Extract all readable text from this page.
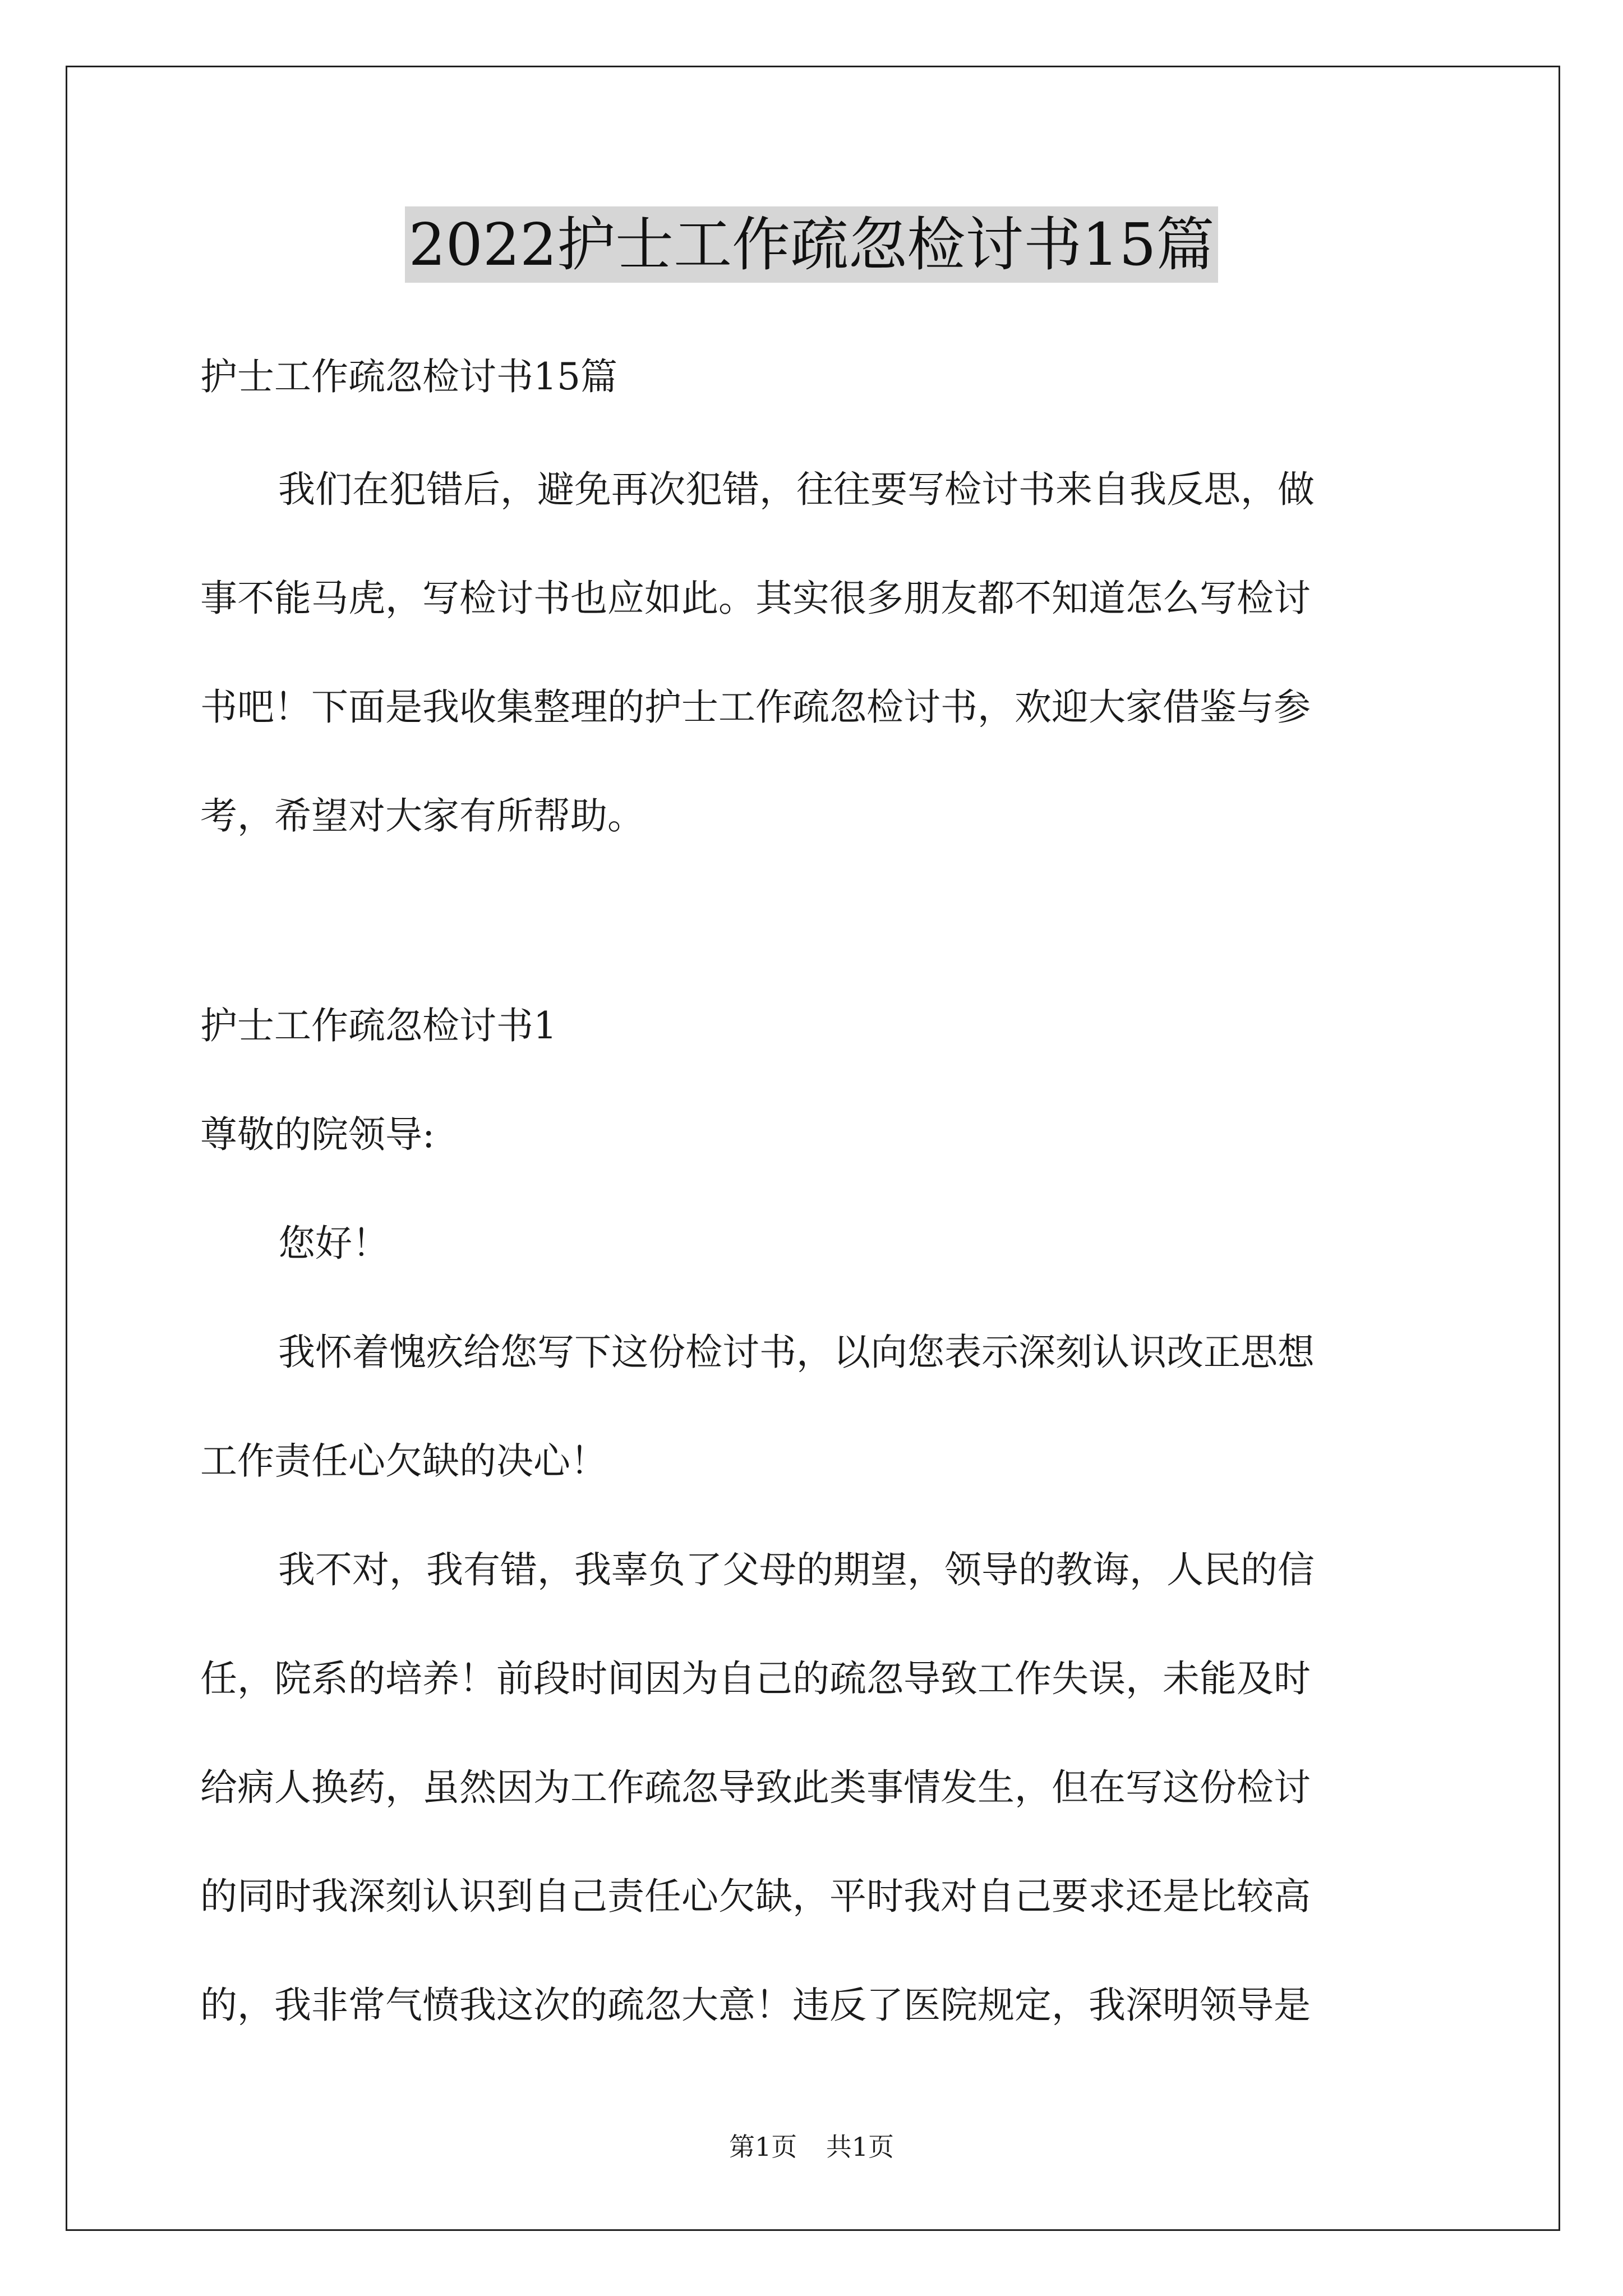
2022护士工作疏忽检讨书15篇

护士工作疏忽检讨书15篇

我们在犯错后，避免再次犯错，往往要写检讨书来自我反思，做

事不能马虎，写检讨书也应如此。其实很多朋友都不知道怎么写检讨

书吧！下面是我收集整理的护士工作疏忽检讨书，欢迎大家借鉴与参

考，希望对大家有所帮助。

护士工作疏忽检讨书1

尊敬的院领导:

您好！

我怀着愧疚给您写下这份检讨书，以向您表示深刻认识改正思想

工作责任心欠缺的决心！

我不对，我有错，我辜负了父母的期望，领导的教诲，人民的信

任，院系的培养！前段时间因为自己的疏忽导致工作失误，未能及时

给病人换药，虽然因为工作疏忽导致此类事情发生，但在写这份检讨

的同时我深刻认识到自己责任心欠缺，平时我对自己要求还是比较高

的，我非常气愤我这次的疏忽大意！违反了医院规定，我深明领导是

第1页 共1页
